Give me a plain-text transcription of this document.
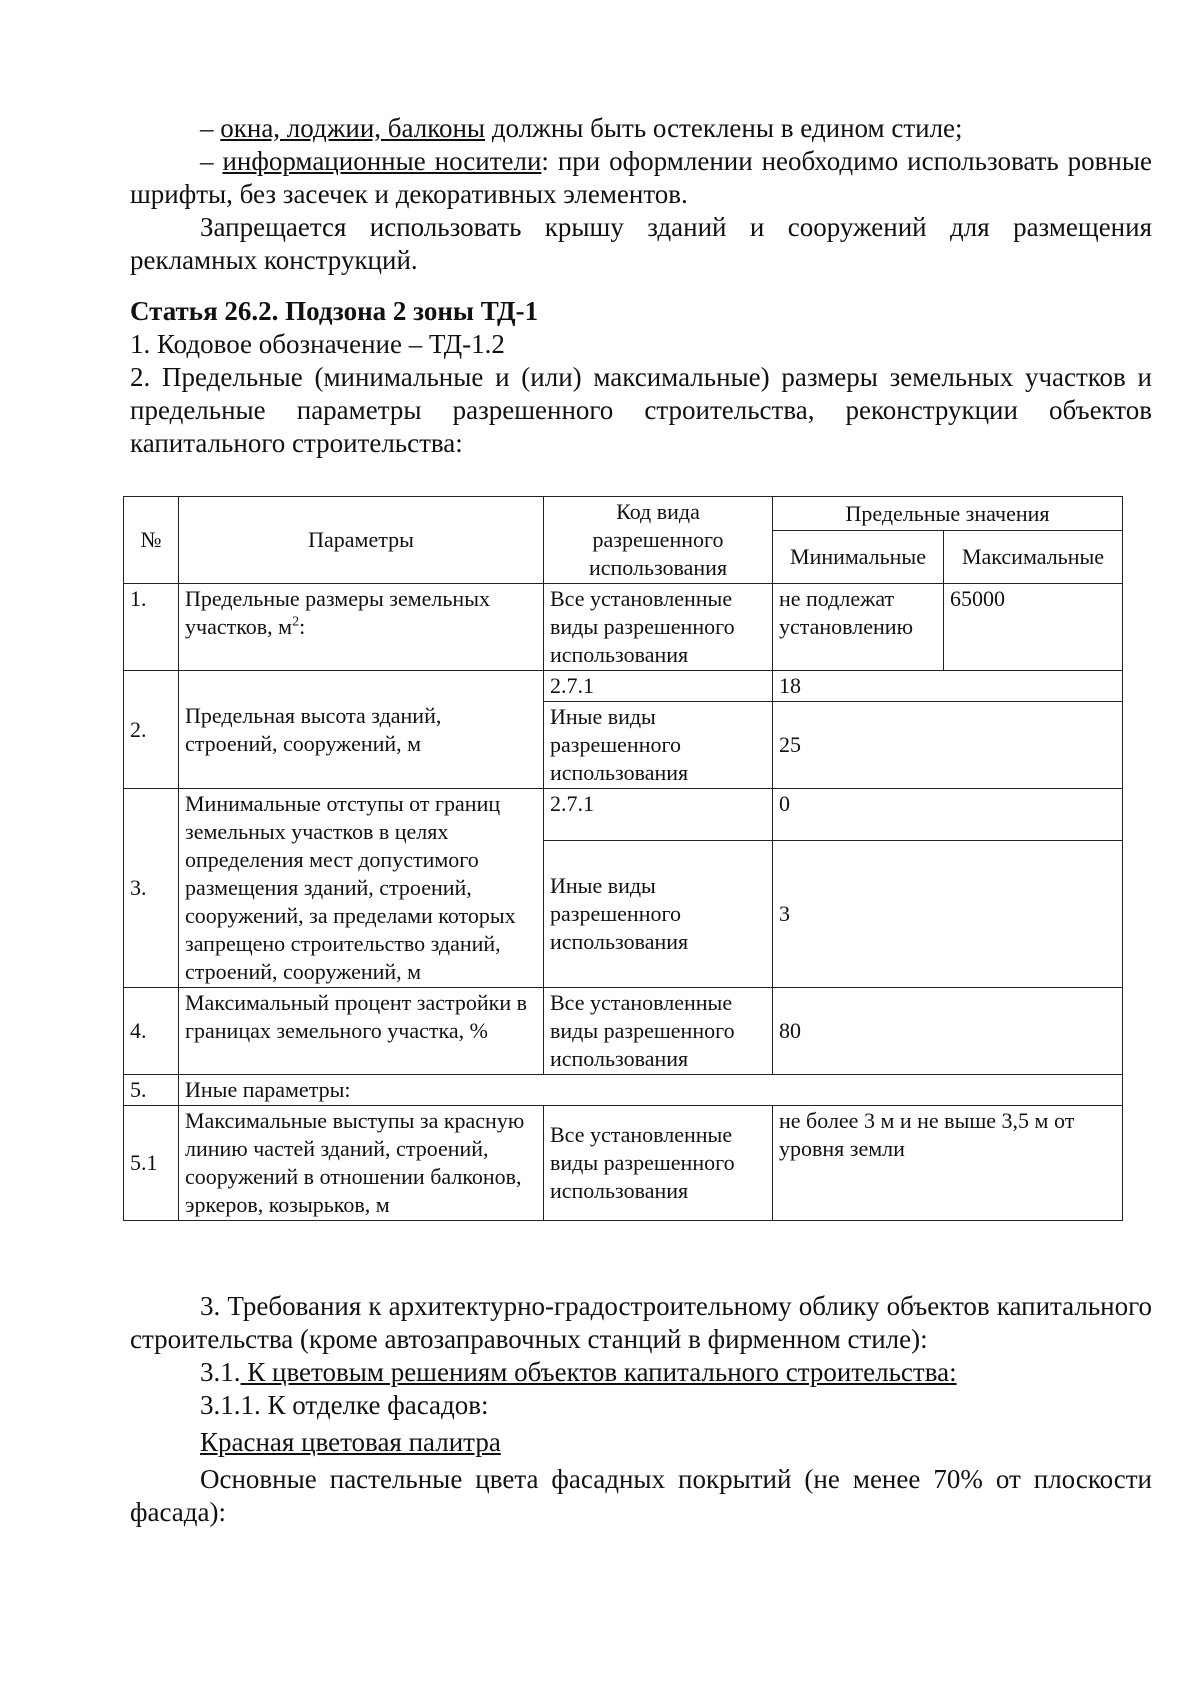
– окна, лоджии, балконы должны быть остеклены в едином стиле;

– информационные носители: при оформлении необходимо использовать ровные шрифты, без засечек и декоративных элементов.

Запрещается использовать крышу зданий и сооружений для размещения рекламных конструкций.

Статья 26.2. Подзона 2 зоны ТД-1

1. Кодовое обозначение – ТД-1.2

2. Предельные (минимальные и (или) максимальные) размеры земельных участков и предельные параметры разрешенного строительства, реконструкции объектов капитального строительства:

№	Параметры	Код вида разрешенного использования	Предельные значения	
			Минимальные	Максимальные
1.	Предельные размеры земельных участков, $м^2$:	Все установленные виды разрешенного использования	не подлежат установлению	65000
2.	Предельная высота зданий, строений, сооружений, м	2.7.1	18	
		Иные виды разрешенного использования	25	
3.	Минимальные отступы от границ земельных участков в целях определения мест допустимого размещения зданий, строений, сооружений, за пределами которых запрещено строительство зданий, строений, сооружений, м	2.7.1	0	
		Иные виды разрешенного использования	3	
4.	Максимальный процент застройки в границах земельного участка, %	Все установленные виды разрешенного использования	80	
5.	Иные параметры:			
5.1	Максимальные выступы за красную линию частей зданий, строений, сооружений в отношении балконов, эркеров, козырьков, м	Все установленные виды разрешенного использования	не более 3 м и не выше 3,5 м от уровня земли	

3. Требования к архитектурно-градостроительному облику объектов капитального строительства (кроме автозаправочных станций в фирменном стиле):

3.1. К цветовым решениям объектов капитального строительства:

3.1.1. К отделке фасадов:

Красная цветовая палитра

Основные пастельные цвета фасадных покрытий (не менее 70% от плоскости фасада):
